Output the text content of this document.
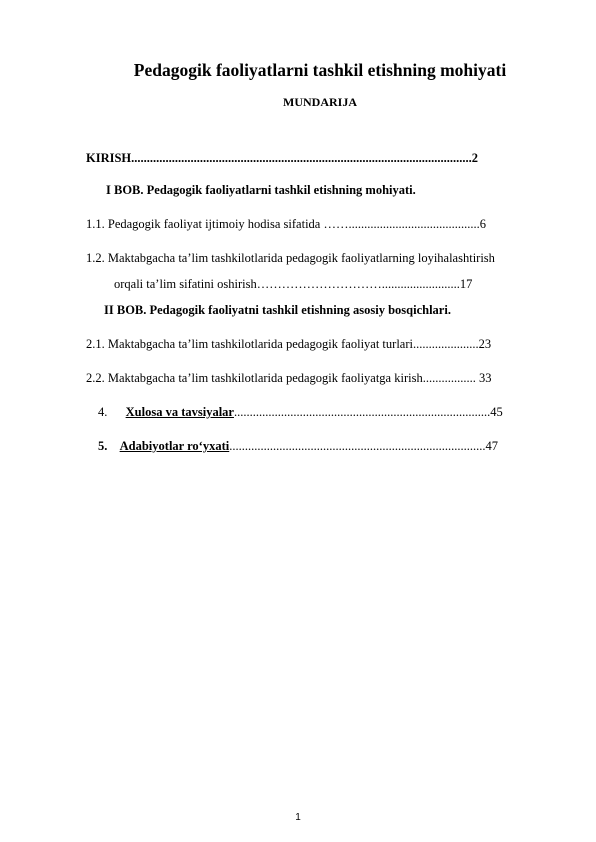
Pedagogik faoliyatlarni tashkil etishning mohiyati
MUNDARIJA
KIRISH.............................................................................................................2
I BOB. Pedagogik faoliyatlarni tashkil etishning mohiyati.
1.1. Pedagogik faoliyat ijtimoiy hodisa sifatida ……..........................................6
1.2. Maktabgacha ta’lim tashkilotlarida pedagogik faoliyatlarning loyihalashtirish
orqali ta’lim sifatini oshirish………………………….........................17
II BOB. Pedagogik faoliyatni tashkil etishning asosiy bosqichlari.
2.1. Maktabgacha ta’lim tashkilotlarida pedagogik faoliyat turlari.....................23
2.2. Maktabgacha ta’lim tashkilotlarida pedagogik faoliyatga kirish................. 33
4. Xulosa va tavsiyalar..................................................................................45
5. Adabiyotlar ro‘yxati..................................................................................47
1
